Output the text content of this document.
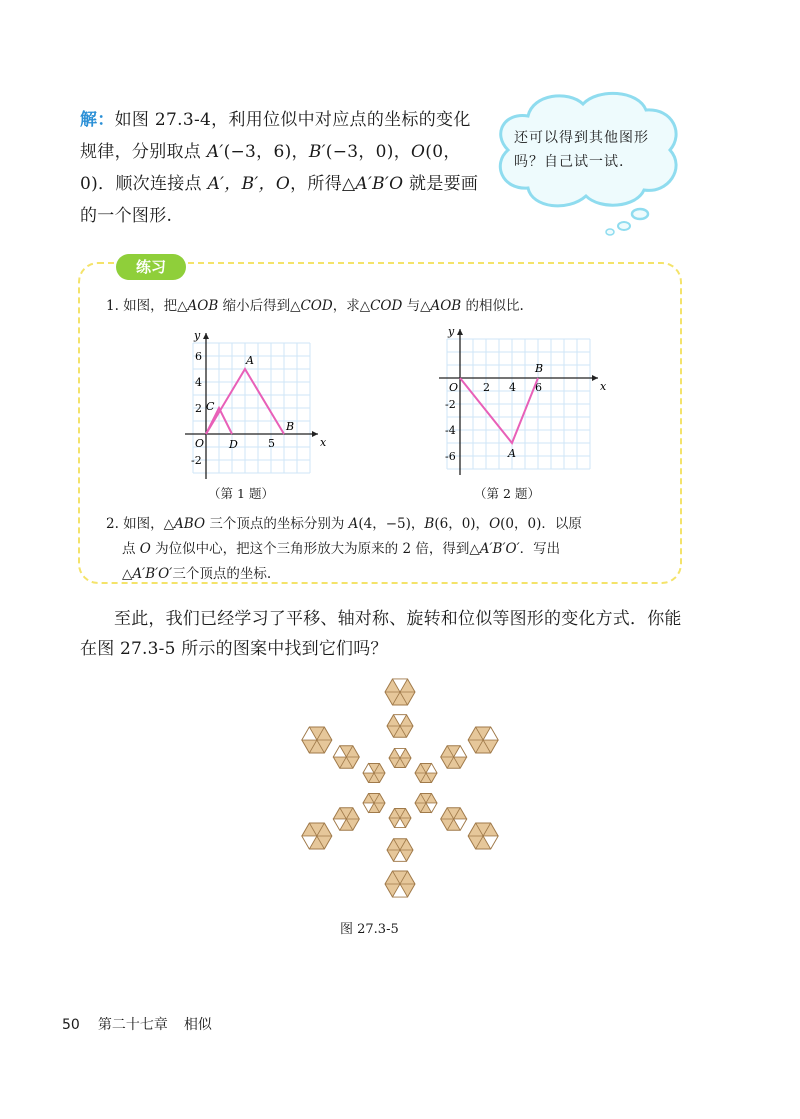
解：如图 27.3-4，利用位似中对应点的坐标的变化规律，分别取点 A′(−3，6)，B′(−3，0)，O(0，0)．顺次连接点 A′，B′，O，所得△A′B′O 就是要画的一个图形.
还可以得到其他图形吗？自己试一试.
练习
1. 如图，把△AOB 缩小后得到△COD，求△COD 与△AOB 的相似比.
x
y
O	5
6
4
2
-2
A
B
C
D
（第 1 题）
x
y
O 2 4 6
-2
-4
-6	A
B
（第 2 题）
2. 如图，△ABO 三个顶点的坐标分别为 A(4，−5)，B(6，0)，O(0，0)．以原
点 O 为位似中心，把这个三角形放大为原来的 2 倍，得到△A′B′O′．写出
△A′B′O′三个顶点的坐标.
至此，我们已经学习了平移、轴对称、旋转和位似等图形的变化方式．你能在图 27.3-5 所示的图案中找到它们吗？
图 27.3-5
50 第二十七章 相似
